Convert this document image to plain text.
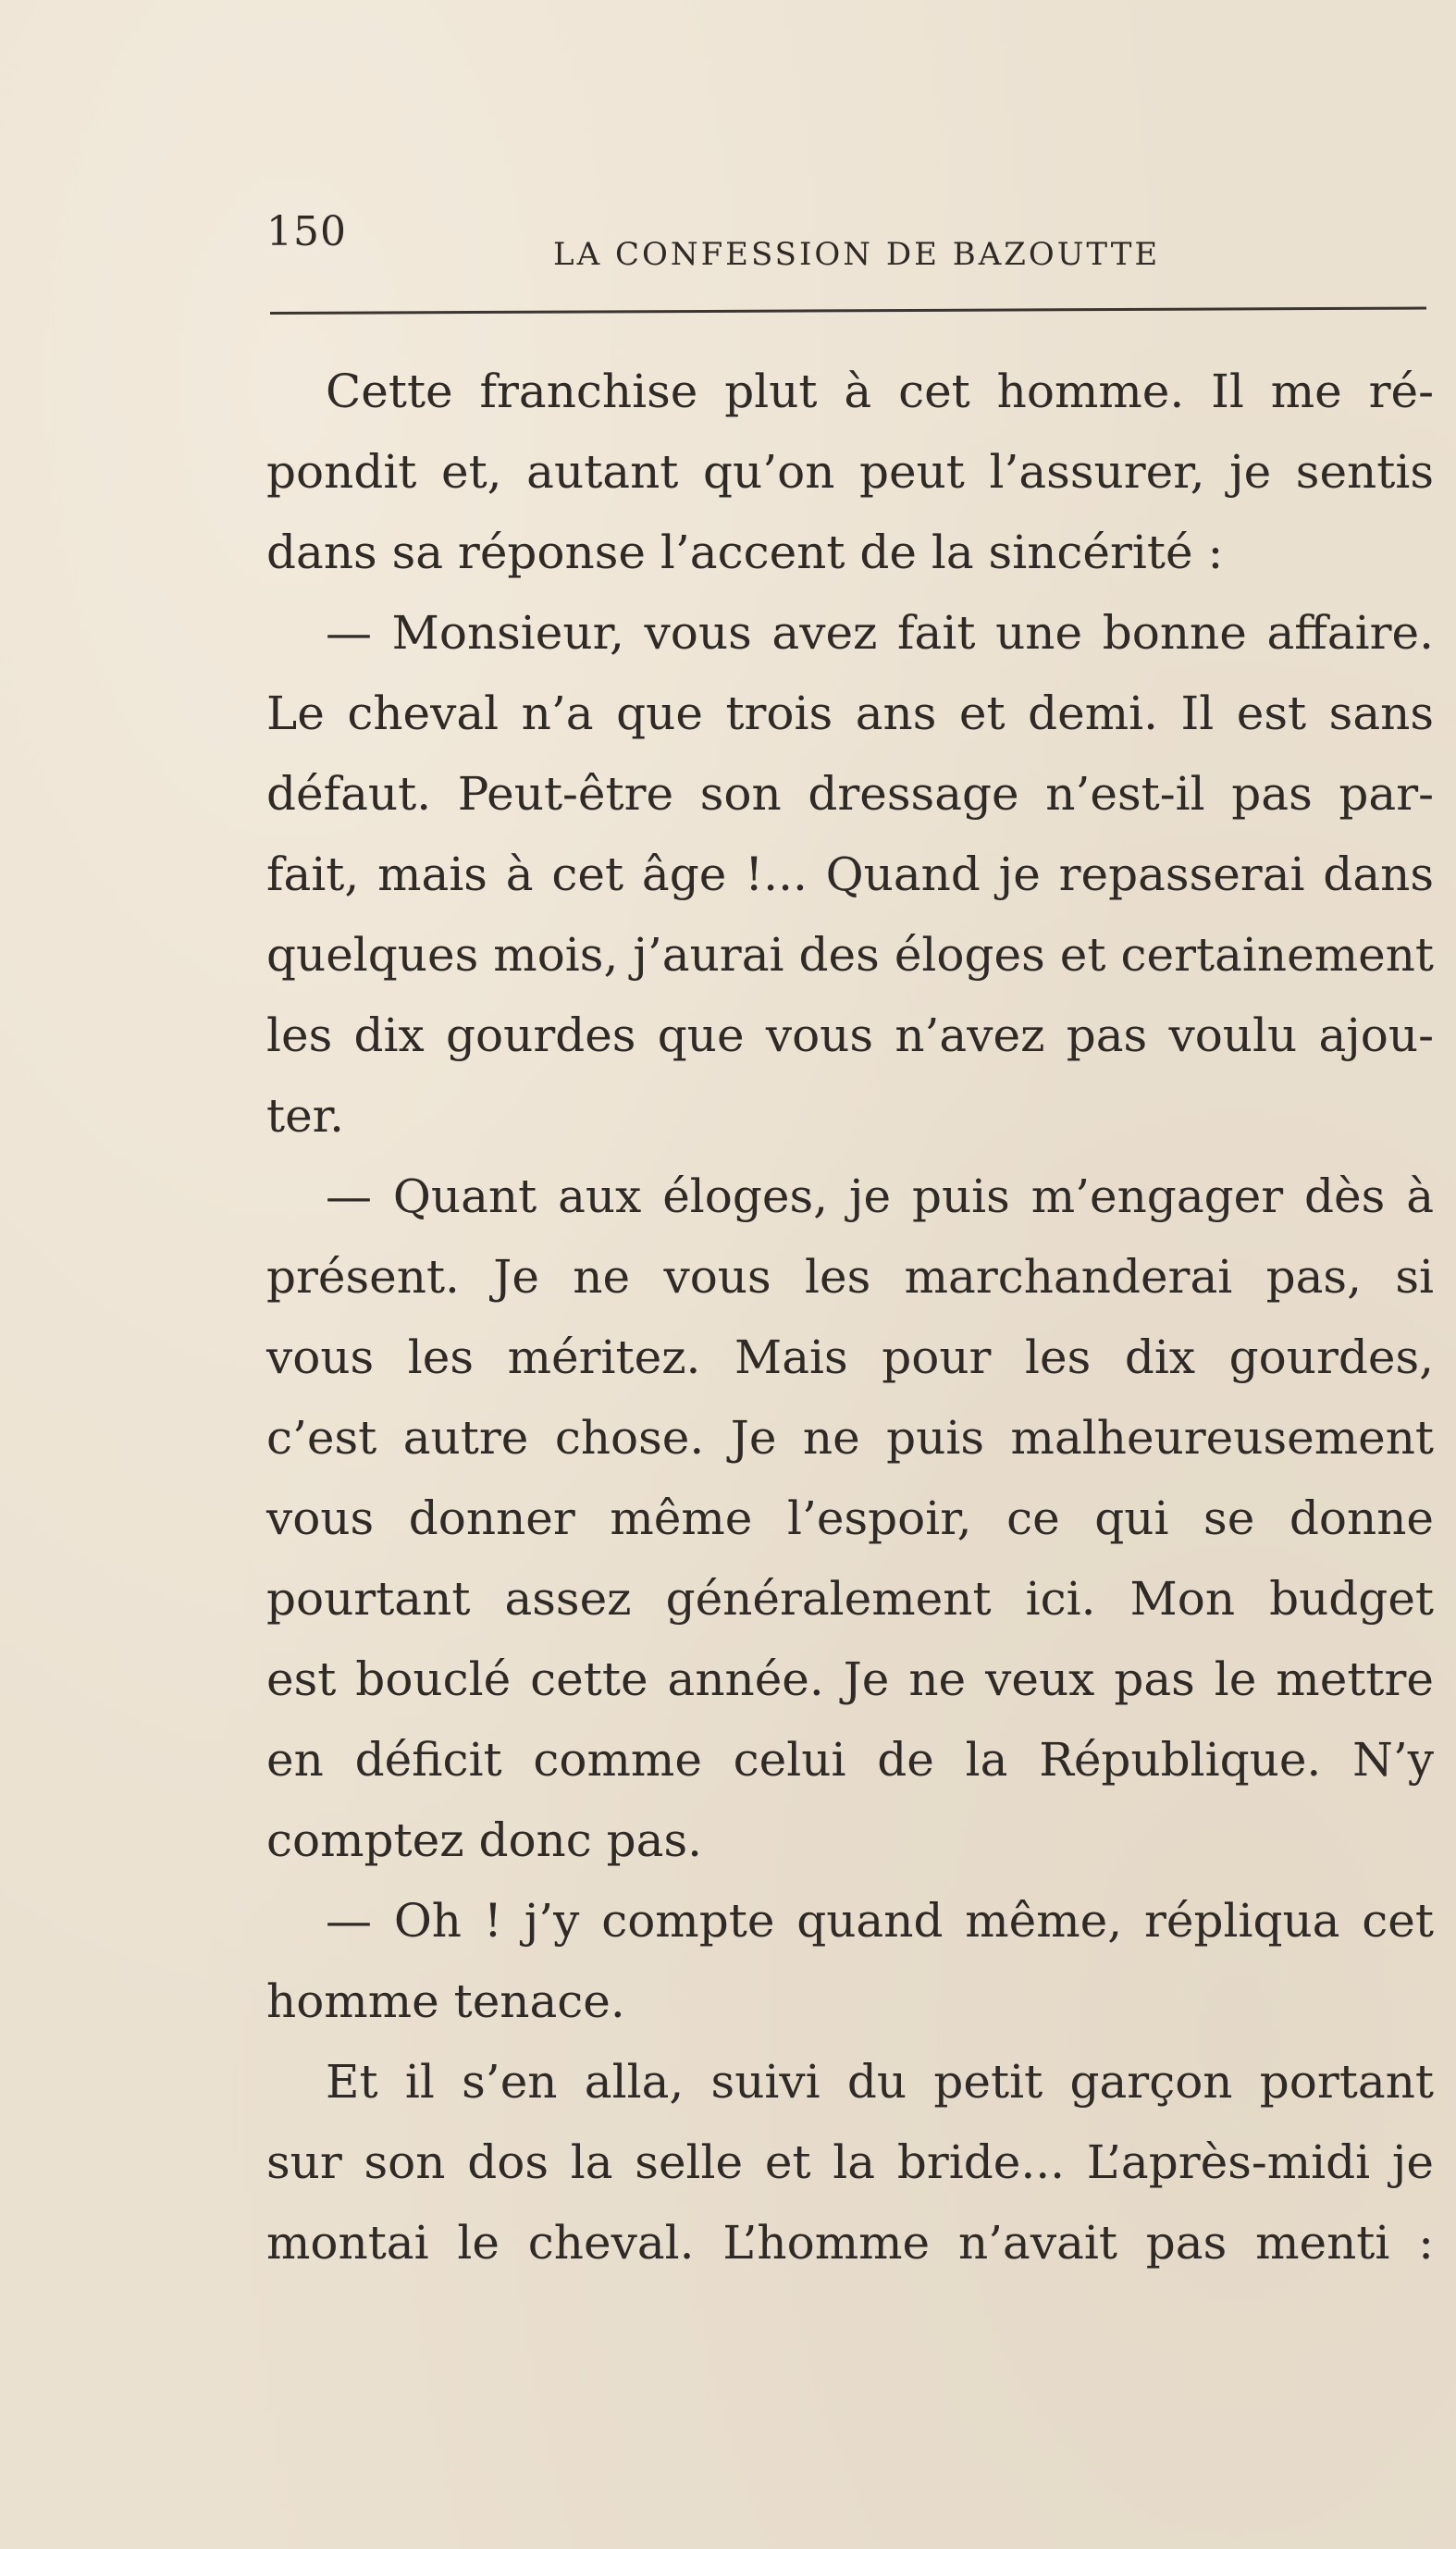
150	LA CONFESSION DE BAZOUTTE
Cette franchise plut à cet homme. Il me ré-
pondit et, autant qu’on peut l’assurer, je sentis
dans sa réponse l’accent de la sincérité :
— Monsieur, vous avez fait une bonne affaire.
Le cheval n’a que trois ans et demi. Il est sans
défaut. Peut-être son dressage n’est-il pas par-
fait, mais à cet âge !... Quand je repasserai dans
quelques mois, j’aurai des éloges et certainement
les dix gourdes que vous n’avez pas voulu ajou-
ter.
— Quant aux éloges, je puis m’engager dès à
présent. Je ne vous les marchanderai pas, si
vous les méritez. Mais pour les dix gourdes,
c’est autre chose. Je ne puis malheureusement
vous donner même l’espoir, ce qui se donne
pourtant assez généralement ici. Mon budget
est bouclé cette année. Je ne veux pas le mettre
en déficit comme celui de la République. N’y
comptez donc pas.
— Oh ! j’y compte quand même, répliqua cet
homme tenace.
Et il s’en alla, suivi du petit garçon portant
sur son dos la selle et la bride... L’après-midi je
montai le cheval. L’homme n’avait pas menti :
